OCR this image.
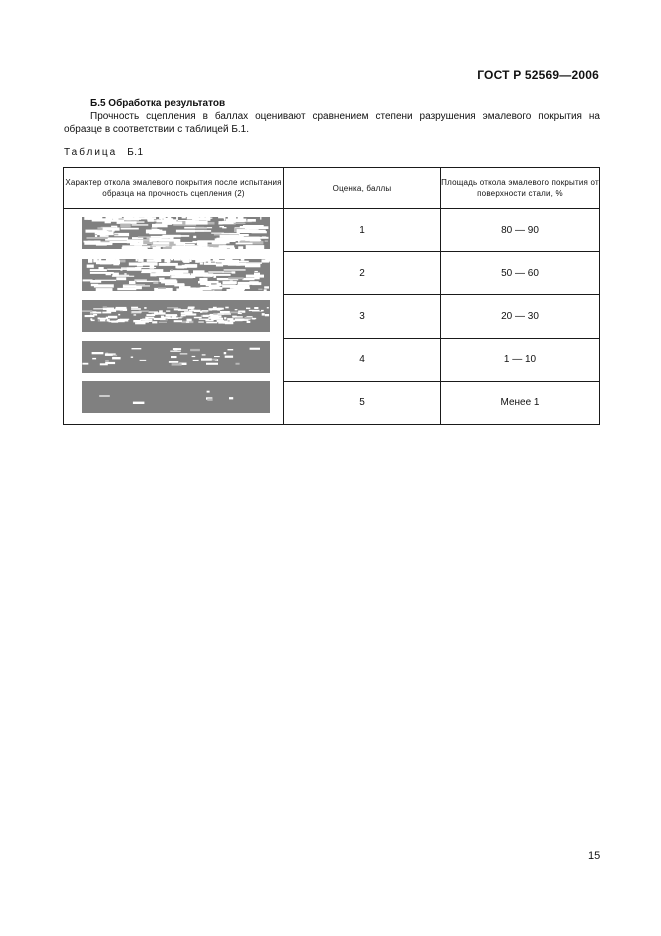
ГОСТ Р 52569—2006
Б.5 Обработка результатов
Прочность сцепления в баллах оценивают сравнением степени разрушения эмалевого покрытия на
образце в соответствии с таблицей Б.1.
Таблица Б.1
Характер откола эмалевого покрытия после испытания образца на прочность сцепления (2)	Оценка, баллы	Площадь откола эмалевого покрытия от поверхности стали, %

	1	80 — 90
	2	50 — 60
	3	20 — 30
	4	1 — 10
	5	Менее 1
15
